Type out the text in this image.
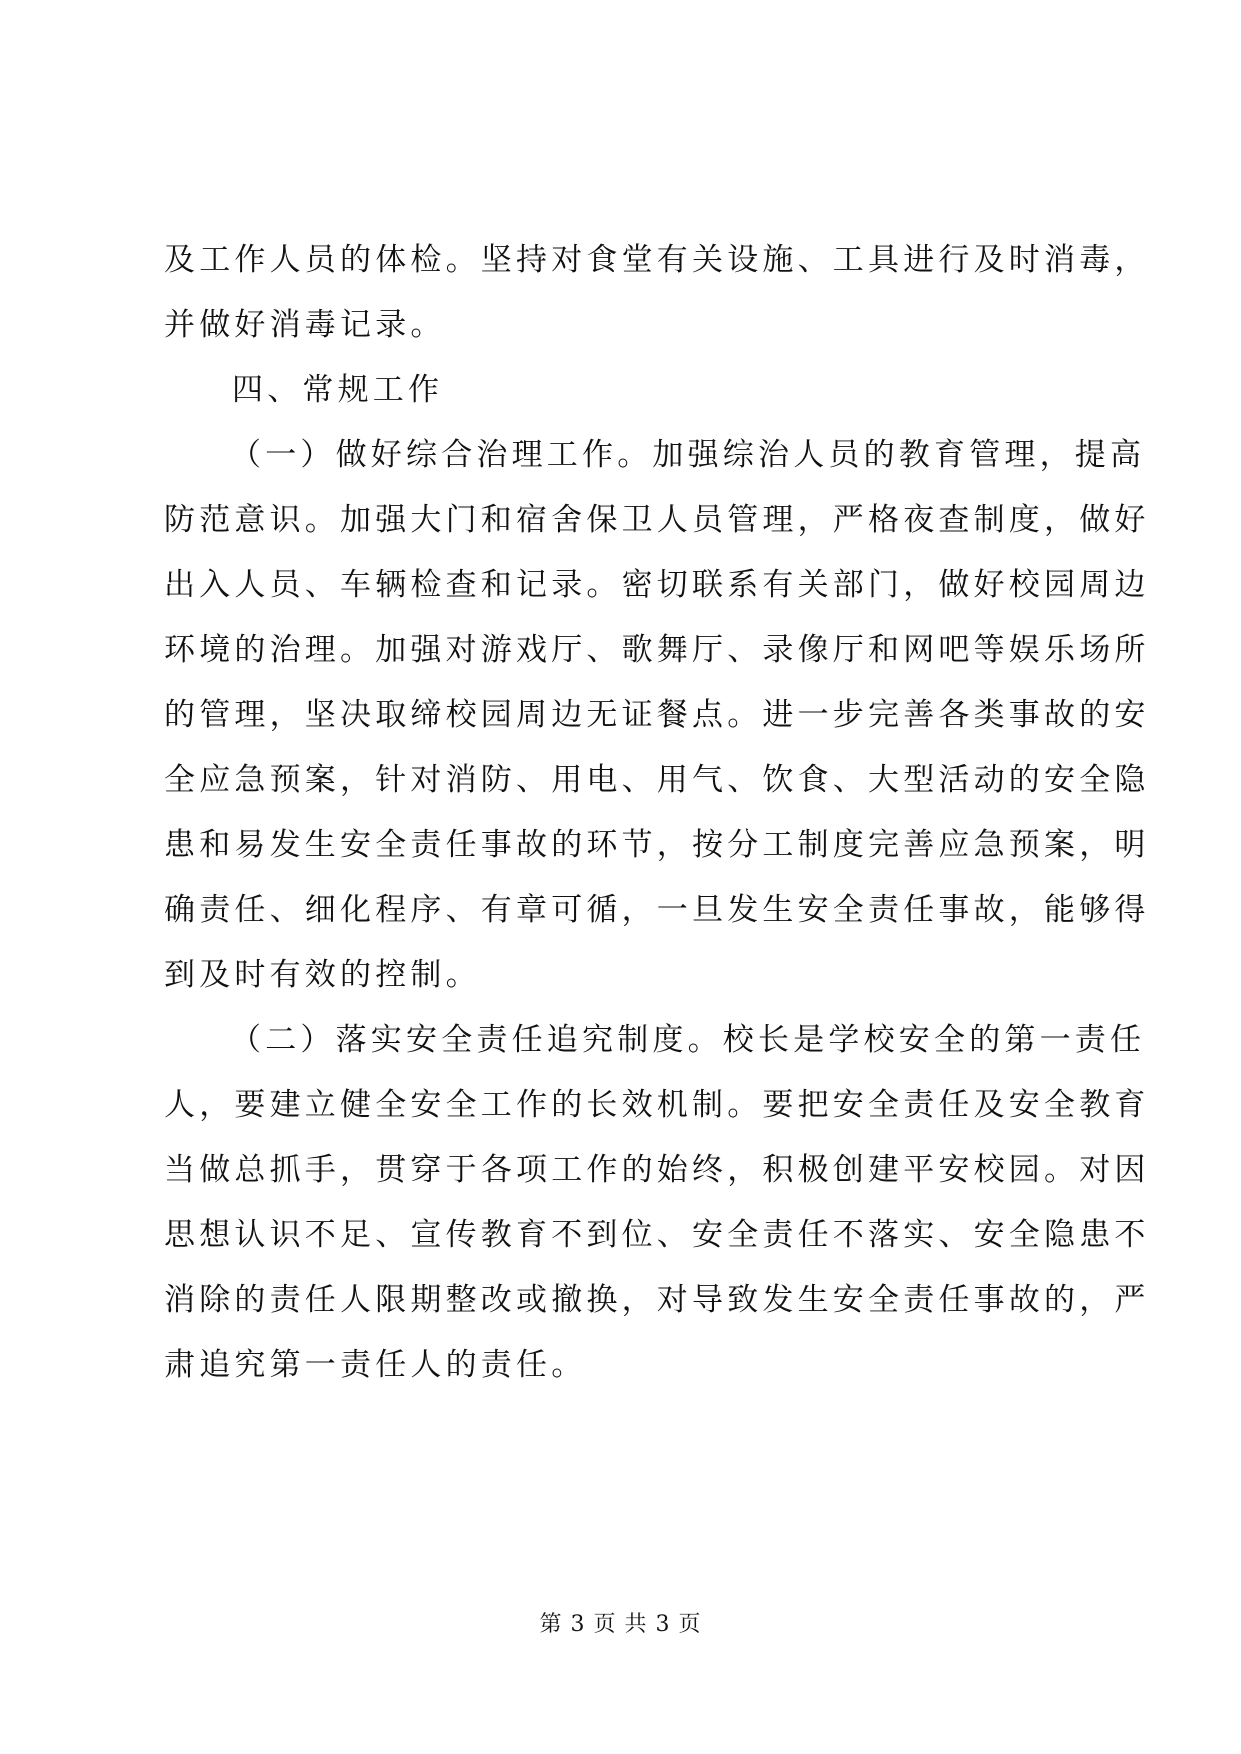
及工作人员的体检。坚持对食堂有关设施、工具进行及时消毒，
并做好消毒记录。
四、常规工作
（一）做好综合治理工作。加强综治人员的教育管理，提高
防范意识。加强大门和宿舍保卫人员管理，严格夜查制度，做好
出入人员、车辆检查和记录。密切联系有关部门，做好校园周边
环境的治理。加强对游戏厅、歌舞厅、录像厅和网吧等娱乐场所
的管理，坚决取缔校园周边无证餐点。进一步完善各类事故的安
全应急预案，针对消防、用电、用气、饮食、大型活动的安全隐
患和易发生安全责任事故的环节，按分工制度完善应急预案，明
确责任、细化程序、有章可循，一旦发生安全责任事故，能够得
到及时有效的控制。
（二）落实安全责任追究制度。校长是学校安全的第一责任
人，要建立健全安全工作的长效机制。要把安全责任及安全教育
当做总抓手，贯穿于各项工作的始终，积极创建平安校园。对因
思想认识不足、宣传教育不到位、安全责任不落实、安全隐患不
消除的责任人限期整改或撤换，对导致发生安全责任事故的，严
肃追究第一责任人的责任。
第 3 页 共 3 页
